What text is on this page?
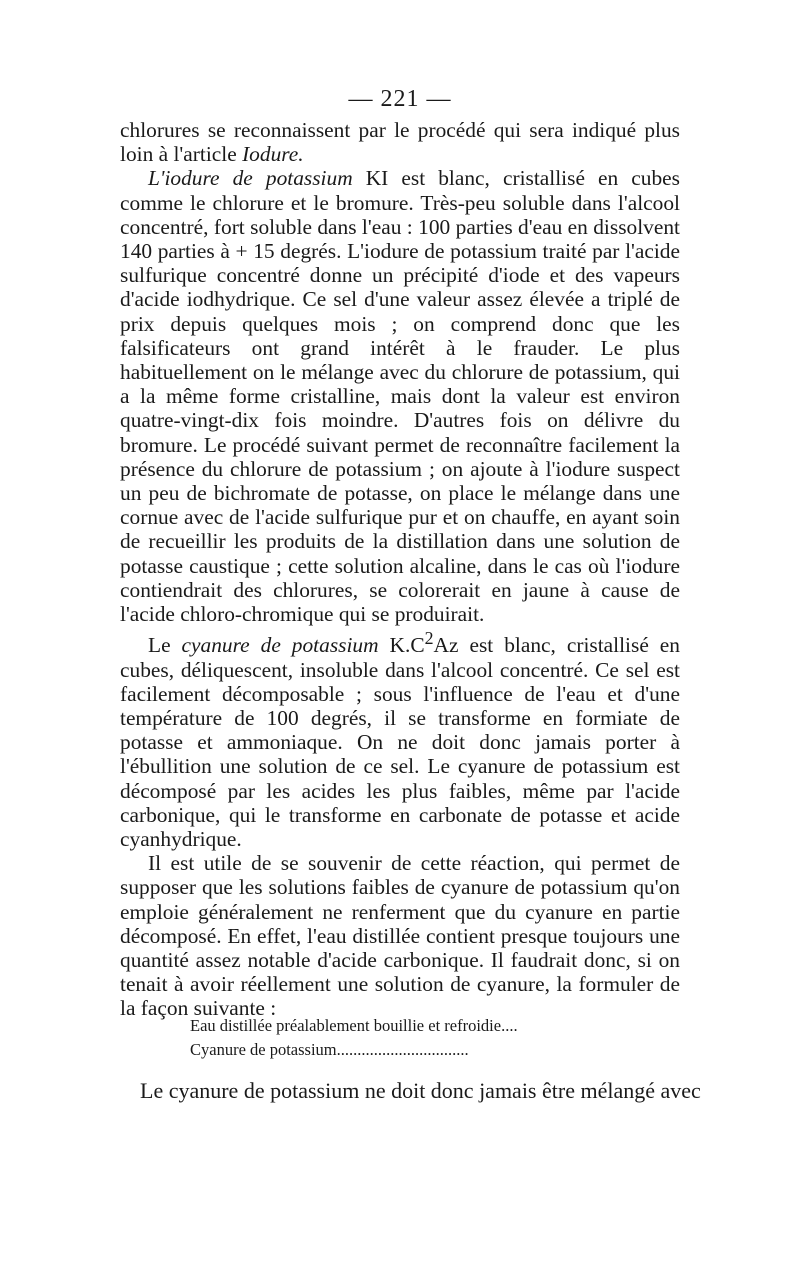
— 221 —

chlorures se reconnaissent par le procédé qui sera indiqué plus loin à l'article Iodure.

L'iodure de potassium KI est blanc, cristallisé en cubes comme le chlorure et le bromure. Très-peu soluble dans l'alcool concentré, fort soluble dans l'eau : 100 parties d'eau en dissolvent 140 parties à + 15 degrés. L'iodure de potassium traité par l'acide sulfurique concentré donne un précipité d'iode et des vapeurs d'acide iodhydrique. Ce sel d'une valeur assez élevée a triplé de prix depuis quelques mois ; on comprend donc que les falsificateurs ont grand intérêt à le frauder. Le plus habituellement on le mélange avec du chlorure de potassium, qui a la même forme cristalline, mais dont la valeur est environ quatre-vingt-dix fois moindre. D'autres fois on délivre du bromure. Le procédé suivant permet de reconnaître facilement la présence du chlorure de potassium ; on ajoute à l'iodure suspect un peu de bichromate de potasse, on place le mélange dans une cornue avec de l'acide sulfurique pur et on chauffe, en ayant soin de recueillir les produits de la distillation dans une solution de potasse caustique ; cette solution alcaline, dans le cas où l'iodure contiendrait des chlorures, se colorerait en jaune à cause de l'acide chloro-chromique qui se produirait.

Le cyanure de potassium $K.C^2Az$ est blanc, cristallisé en cubes, déliquescent, insoluble dans l'alcool concentré. Ce sel est facilement décomposable ; sous l'influence de l'eau et d'une température de 100 degrés, il se transforme en formiate de potasse et ammoniaque. On ne doit donc jamais porter à l'ébullition une solution de ce sel. Le cyanure de potassium est décomposé par les acides les plus faibles, même par l'acide carbonique, qui le transforme en carbonate de potasse et acide cyanhydrique.

Il est utile de se souvenir de cette réaction, qui permet de supposer que les solutions faibles de cyanure de potassium qu'on emploie généralement ne renferment que du cyanure en partie décomposé. En effet, l'eau distillée contient presque toujours une quantité assez notable d'acide carbonique. Il faudrait donc, si on tenait à avoir réellement une solution de cyanure, la formuler de la façon suivante :

Eau distillée préalablement bouillie et refroidie....
Cyanure de potassium................................
Le cyanure de potassium ne doit donc jamais être mélangé avec
